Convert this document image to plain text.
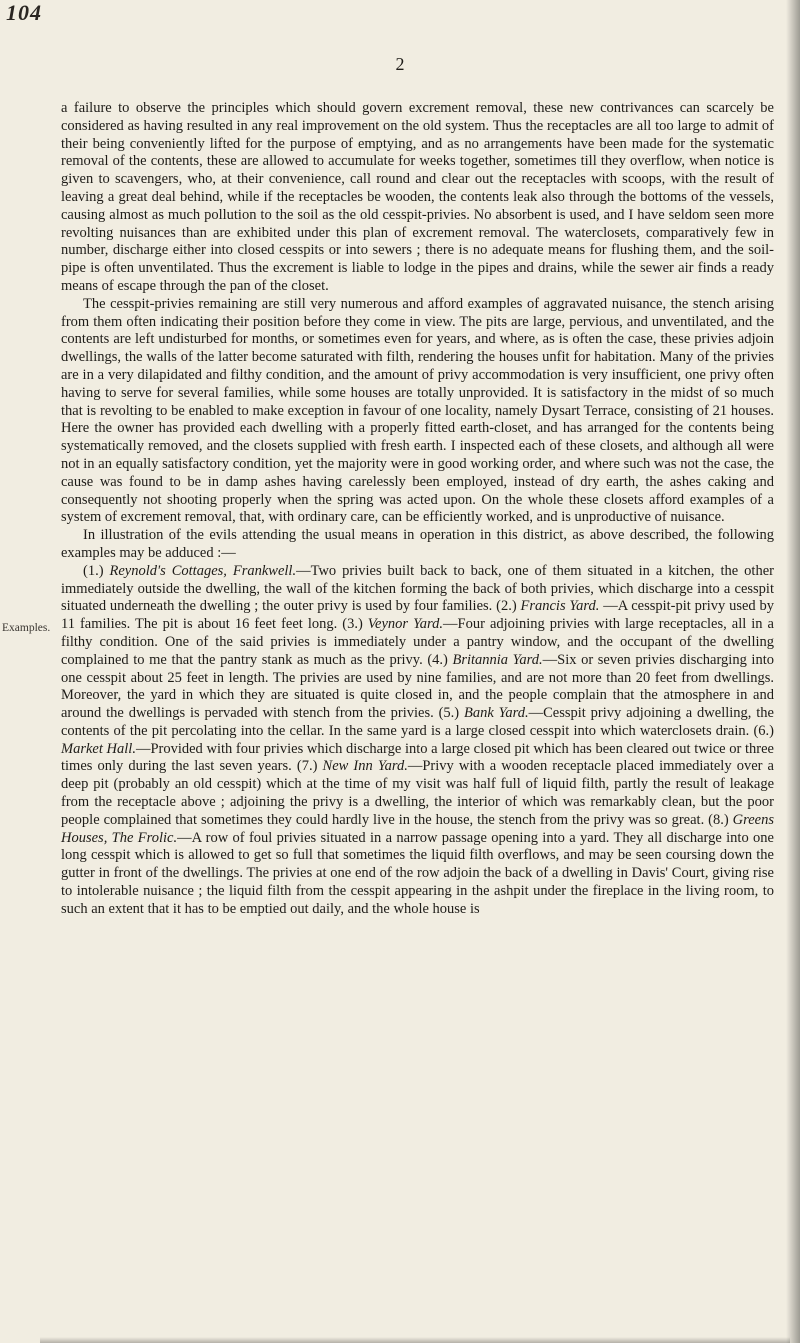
104
2
Examples.

a failure to observe the principles which should govern excrement removal, these new contrivances can scarcely be considered as having resulted in any real improvement on the old system. Thus the receptacles are all too large to admit of their being conveniently lifted for the purpose of emptying, and as no arrangements have been made for the systematic removal of the contents, these are allowed to accumulate for weeks together, sometimes till they overflow, when notice is given to scavengers, who, at their convenience, call round and clear out the receptacles with scoops, with the result of leaving a great deal behind, while if the receptacles be wooden, the contents leak also through the bottoms of the vessels, causing almost as much pollution to the soil as the old cesspit-privies. No absorbent is used, and I have seldom seen more revolting nuisances than are exhibited under this plan of excrement removal. The waterclosets, comparatively few in number, discharge either into closed cesspits or into sewers ; there is no adequate means for flushing them, and the soil-pipe is often unventilated. Thus the excrement is liable to lodge in the pipes and drains, while the sewer air finds a ready means of escape through the pan of the closet.

The cesspit-privies remaining are still very numerous and afford examples of aggravated nuisance, the stench arising from them often indicating their position before they come in view. The pits are large, pervious, and unventilated, and the contents are left undisturbed for months, or sometimes even for years, and where, as is often the case, these privies adjoin dwellings, the walls of the latter become saturated with filth, rendering the houses unfit for habitation. Many of the privies are in a very dilapidated and filthy condition, and the amount of privy accommodation is very insufficient, one privy often having to serve for several families, while some houses are totally unprovided. It is satisfactory in the midst of so much that is revolting to be enabled to make exception in favour of one locality, namely Dysart Terrace, consisting of 21 houses. Here the owner has provided each dwelling with a properly fitted earth-closet, and has arranged for the contents being systematically removed, and the closets supplied with fresh earth. I inspected each of these closets, and although all were not in an equally satisfactory condition, yet the majority were in good working order, and where such was not the case, the cause was found to be in damp ashes having carelessly been employed, instead of dry earth, the ashes caking and consequently not shooting properly when the spring was acted upon. On the whole these closets afford examples of a system of excrement removal, that, with ordinary care, can be efficiently worked, and is unproductive of nuisance.

In illustration of the evils attending the usual means in operation in this district, as above described, the following examples may be adduced :—

(1.) Reynold's Cottages, Frankwell.—Two privies built back to back, one of them situated in a kitchen, the other immediately outside the dwelling, the wall of the kitchen forming the back of both privies, which discharge into a cesspit situated underneath the dwelling ; the outer privy is used by four families. (2.) Francis Yard. —A cesspit-pit privy used by 11 families. The pit is about 16 feet feet long. (3.) Veynor Yard.—Four adjoining privies with large receptacles, all in a filthy condition. One of the said privies is immediately under a pantry window, and the occupant of the dwelling complained to me that the pantry stank as much as the privy. (4.) Britannia Yard.—Six or seven privies discharging into one cesspit about 25 feet in length. The privies are used by nine families, and are not more than 20 feet from dwellings. Moreover, the yard in which they are situated is quite closed in, and the people complain that the atmosphere in and around the dwellings is pervaded with stench from the privies. (5.) Bank Yard.—Cesspit privy adjoining a dwelling, the contents of the pit percolating into the cellar. In the same yard is a large closed cesspit into which waterclosets drain. (6.) Market Hall.—Provided with four privies which discharge into a large closed pit which has been cleared out twice or three times only during the last seven years. (7.) New Inn Yard.—Privy with a wooden receptacle placed immediately over a deep pit (probably an old cesspit) which at the time of my visit was half full of liquid filth, partly the result of leakage from the receptacle above ; adjoining the privy is a dwelling, the interior of which was remarkably clean, but the poor people complained that sometimes they could hardly live in the house, the stench from the privy was so great. (8.) Greens Houses, The Frolic.—A row of foul privies situated in a narrow passage opening into a yard. They all discharge into one long cesspit which is allowed to get so full that sometimes the liquid filth overflows, and may be seen coursing down the gutter in front of the dwellings. The privies at one end of the row adjoin the back of a dwelling in Davis' Court, giving rise to intolerable nuisance ; the liquid filth from the cesspit appearing in the ashpit under the fireplace in the living room, to such an extent that it has to be emptied out daily, and the whole house is
